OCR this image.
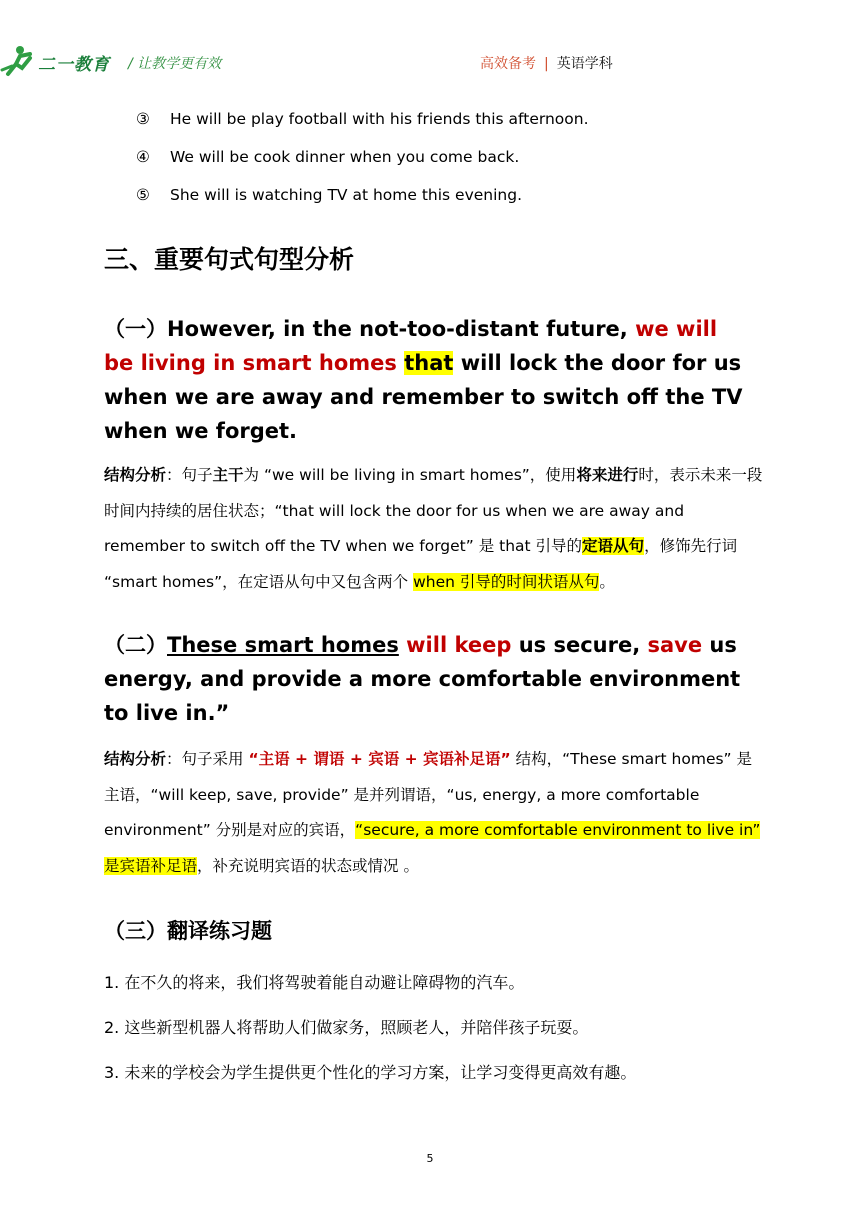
二一教育 / 让教学更有效	高效备考 | 英语学科
③ He will be play football with his friends this afternoon.
④ We will be cook dinner when you come back.
⑤ She will is watching TV at home this evening.
三、重要句式句型分析
（一）However, in the not-too-distant future, we will be living in smart homes that will lock the door for us when we are away and remember to switch off the TV when we forget.
结构分析：句子主干为 “we will be living in smart homes”，使用将来进行时，表示未来一段时间内持续的居住状态；“that will lock the door for us when we are away and remember to switch off the TV when we forget” 是 that 引导的定语从句，修饰先行词 “smart homes”，在定语从句中又包含两个 when 引导的时间状语从句。
（二）These smart homes will keep us secure, save us energy, and provide a more comfortable environment to live in.”
结构分析：句子采用 “主语 + 谓语 + 宾语 + 宾语补足语” 结构，“These smart homes” 是主语，“will keep, save, provide” 是并列谓语，“us, energy, a more comfortable environment” 分别是对应的宾语，“secure, a more comfortable environment to live in” 是宾语补足语，补充说明宾语的状态或情况 。
（三）翻译练习题
1. 在不久的将来，我们将驾驶着能自动避让障碍物的汽车。
2. 这些新型机器人将帮助人们做家务，照顾老人，并陪伴孩子玩耍。
3. 未来的学校会为学生提供更个性化的学习方案，让学习变得更高效有趣。
5
